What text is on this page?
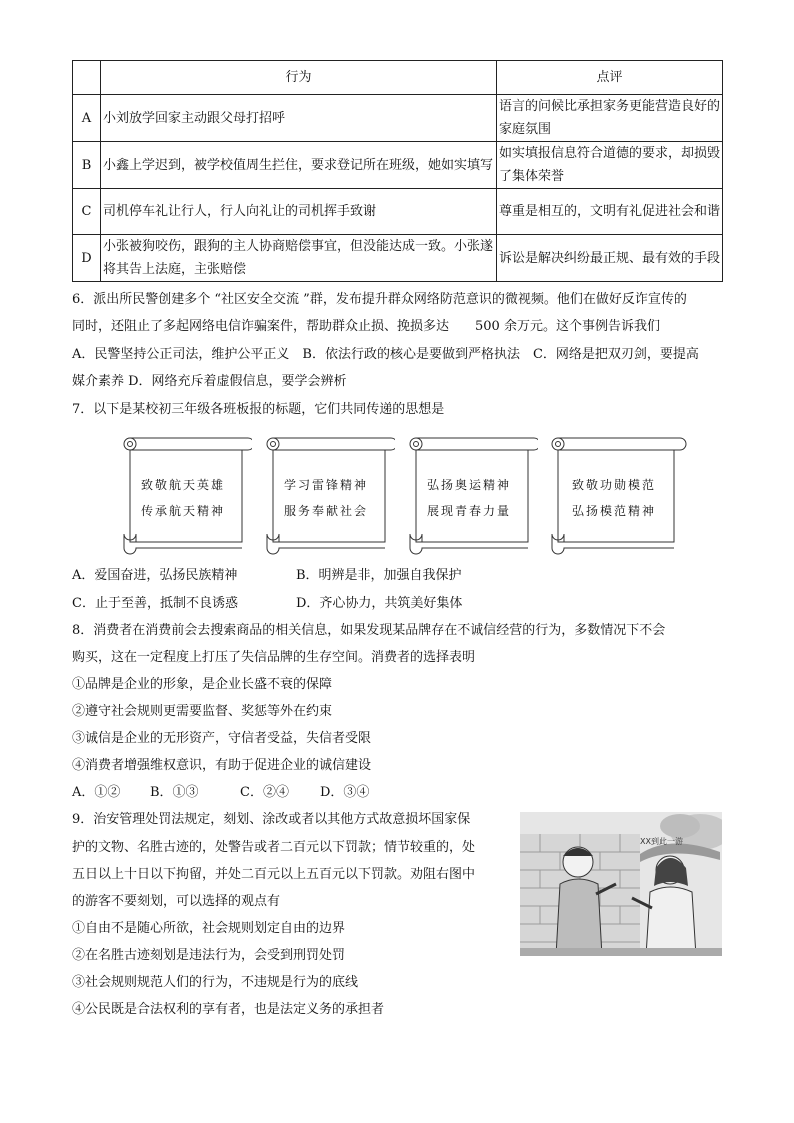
	行为	点评
A	小刘放学回家主动跟父母打招呼	语言的问候比承担家务更能营造良好的家庭氛围
B	小鑫上学迟到，被学校值周生拦住，要求登记所在班级，她如实填写	如实填报信息符合道德的要求，却损毁了集体荣誉
C	司机停车礼让行人，行人向礼让的司机挥手致谢	尊重是相互的，文明有礼促进社会和谐
D	小张被狗咬伤，跟狗的主人协商赔偿事宜，但没能达成一致。小张遂将其告上法庭，主张赔偿	诉讼是解决纠纷最正规、最有效的手段
6．派出所民警创建多个 “社区安全交流 ”群，发布提升群众网络防范意识的微视频。他们在做好反诈宣传的
同时，还阻止了多起网络电信诈骗案件，帮助群众止损、挽损多达　　500 余万元。这个事例告诉我们
A．民警坚持公正司法，维护公平正义　B．依法行政的核心是要做到严格执法　C．网络是把双刃剑，要提高
媒介素养 D．网络充斥着虚假信息，要学会辨析
7．以下是某校初三年级各班板报的标题，它们共同传递的思想是
致敬航天英雄
传承航天精神
学习雷锋精神
服务奉献社会
弘扬奥运精神
展现青春力量
致敬功勋模范
弘扬模范精神
A．爱国奋进，弘扬民族精神	B．明辨是非，加强自我保护
C．止于至善，抵制不良诱惑	D．齐心协力，共筑美好集体
8．消费者在消费前会去搜索商品的相关信息，如果发现某品牌存在不诚信经营的行为，多数情况下不会
购买，这在一定程度上打压了失信品牌的生存空间。消费者的选择表明
①品牌是企业的形象，是企业长盛不衰的保障
②遵守社会规则更需要监督、奖惩等外在约束
③诚信是企业的无形资产，守信者受益，失信者受限
④消费者增强维权意识，有助于促进企业的诚信建设
A．①② B．①③	C．②④ D．③④
9．治安管理处罚法规定，刻划、涂改或者以其他方式故意损坏国家保
护的文物、名胜古迹的，处警告或者二百元以下罚款；情节较重的，处
五日以上十日以下拘留，并处二百元以上五百元以下罚款。劝阻右图中
的游客不要刻划，可以选择的观点有
①自由不是随心所欲，社会规则划定自由的边界
②在名胜古迹刻划是违法行为，会受到刑罚处罚
③社会规则规范人们的行为，不违规是行为的底线
④公民既是合法权利的享有者，也是法定义务的承担者
XX到此一游
